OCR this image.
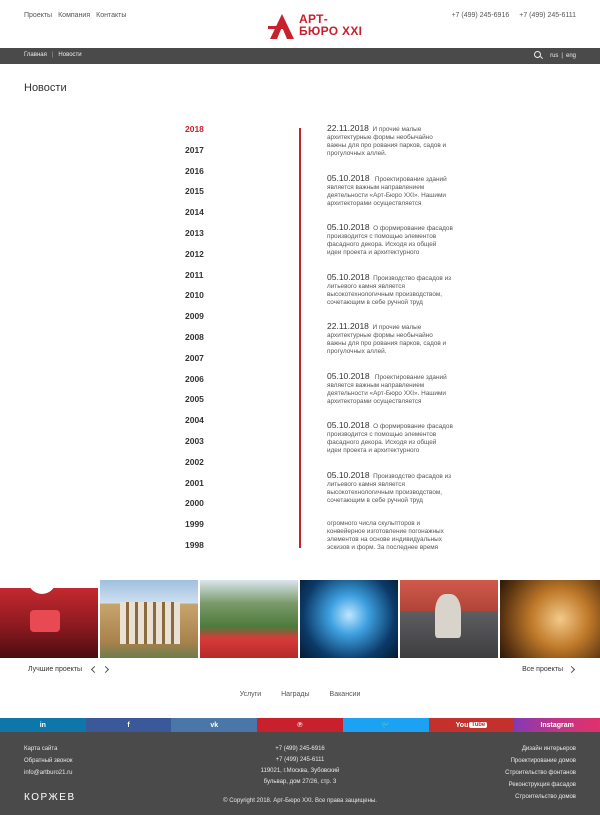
Проекты Компания Контакты	АРТ-
БЮРО XXI
+7 (499) 245-6916 +7 (499) 245-6111
Главная | Новости	rus | eng
Новости
2018
2017
2016
2015
2014
2013
2012
2011
2010
2009
2008
2007
2006
2005
2004
2003
2002
2001
2000
1999
1998

22.11.2018 И прочие малые

архитектурные формы необычайно

важны для про рования парков, садов и

прогулочных аллей.

05.10.2018 Проектирование зданий

является важным направлением

деятельности «Арт-Бюро XXI». Нашими

архитекторами осуществляется

05.10.2018 О формирование фасадов

производится с помощью элементов

фасадного декора. Исходя из общей

идеи проекта и архитектурного

05.10.2018 Производство фасадов из

литьевого камня является

высокотехнологичным производством,

сочетающим в себе ручной труд

22.11.2018 И прочие малые

архитектурные формы необычайно

важны для про рования парков, садов и

прогулочных аллей.

05.10.2018 Проектирование зданий

является важным направлением

деятельности «Арт-Бюро XXI». Нашими

архитекторами осуществляется

05.10.2018 О формирование фасадов

производится с помощью элементов

фасадного декора. Исходя из общей

идеи проекта и архитектурного

05.10.2018 Производство фасадов из

литьевого камня является

высокотехнологичным производством,

сочетающим в себе ручной труд

огромного числа скульпторов и

конвейерное изготовление погонажных

элементов на основе индивидуальных

эскизов и форм. За последнее время

Лучшие проекты	Все проекты
Услуги	Награды	Вакансии
in	f	vk	℗	🐦	You Tube	Instagram
Карта сайта
Обратный звонок
info@artburo21.ru
+7 (499) 245-6916
+7 (499) 245-6111
119021, г.Москва, Зубовский
бульвар, дом 27/26, стр. 3
Дизайн интерьеров
Проектирование домов
Строительство фонтанов
Реконструкция фасадов
Строительство домов
КОРЖЕВ	© Copyright 2018. Арт-Бюро XXI. Все права защищены.
